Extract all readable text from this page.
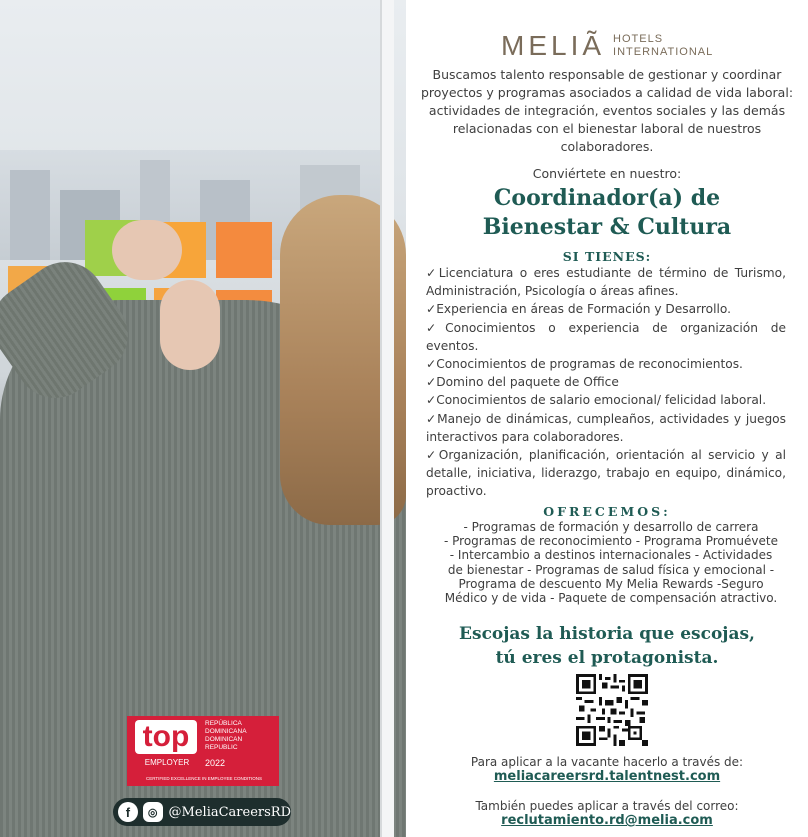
top
EMPLOYER
REPÚBLICA
DOMINICANA
DOMINICAN
REPUBLIC
2022
CERTIFIED EXCELLENCE IN EMPLOYEE CONDITIONS
f	◎ @MeliaCareersRD
MELIÃ HOTELS
INTERNATIONAL
Buscamos talento responsable de gestionar y coordinar proyectos y programas asociados a calidad de vida laboral: actividades de integración, eventos sociales y las demás relacionadas con el bienestar laboral de nuestros colaboradores.
Conviértete en nuestro:
Coordinador(a) de
Bienestar & Cultura
SI TIENES:
✓Licenciatura o eres estudiante de término de Turismo, Administración, Psicología o áreas afines.
✓Experiencia en áreas de Formación y Desarrollo.
✓Conocimientos o experiencia de organización de eventos.
✓Conocimientos de programas de reconocimientos.
✓Domino del paquete de Office
✓Conocimientos de salario emocional/ felicidad laboral.
✓Manejo de dinámicas, cumpleaños, actividades y juegos interactivos para colaboradores.
✓Organización, planificación, orientación al servicio y al detalle, iniciativa, liderazgo, trabajo en equipo, dinámico, proactivo.
OFRECEMOS:
- Programas de formación y desarrollo de carrera
- Programas de reconocimiento - Programa Promuévete
- Intercambio a destinos internacionales - Actividades
de bienestar - Programas de salud física y emocional -
Programa de descuento My Melia Rewards -Seguro
Médico y de vida - Paquete de compensación atractivo.
Escojas la historia que escojas,
tú eres el protagonista.
Para aplicar a la vacante hacerlo a través de:
meliacareersrd.talentnest.com
También puedes aplicar a través del correo:
reclutamiento.rd@melia.com
